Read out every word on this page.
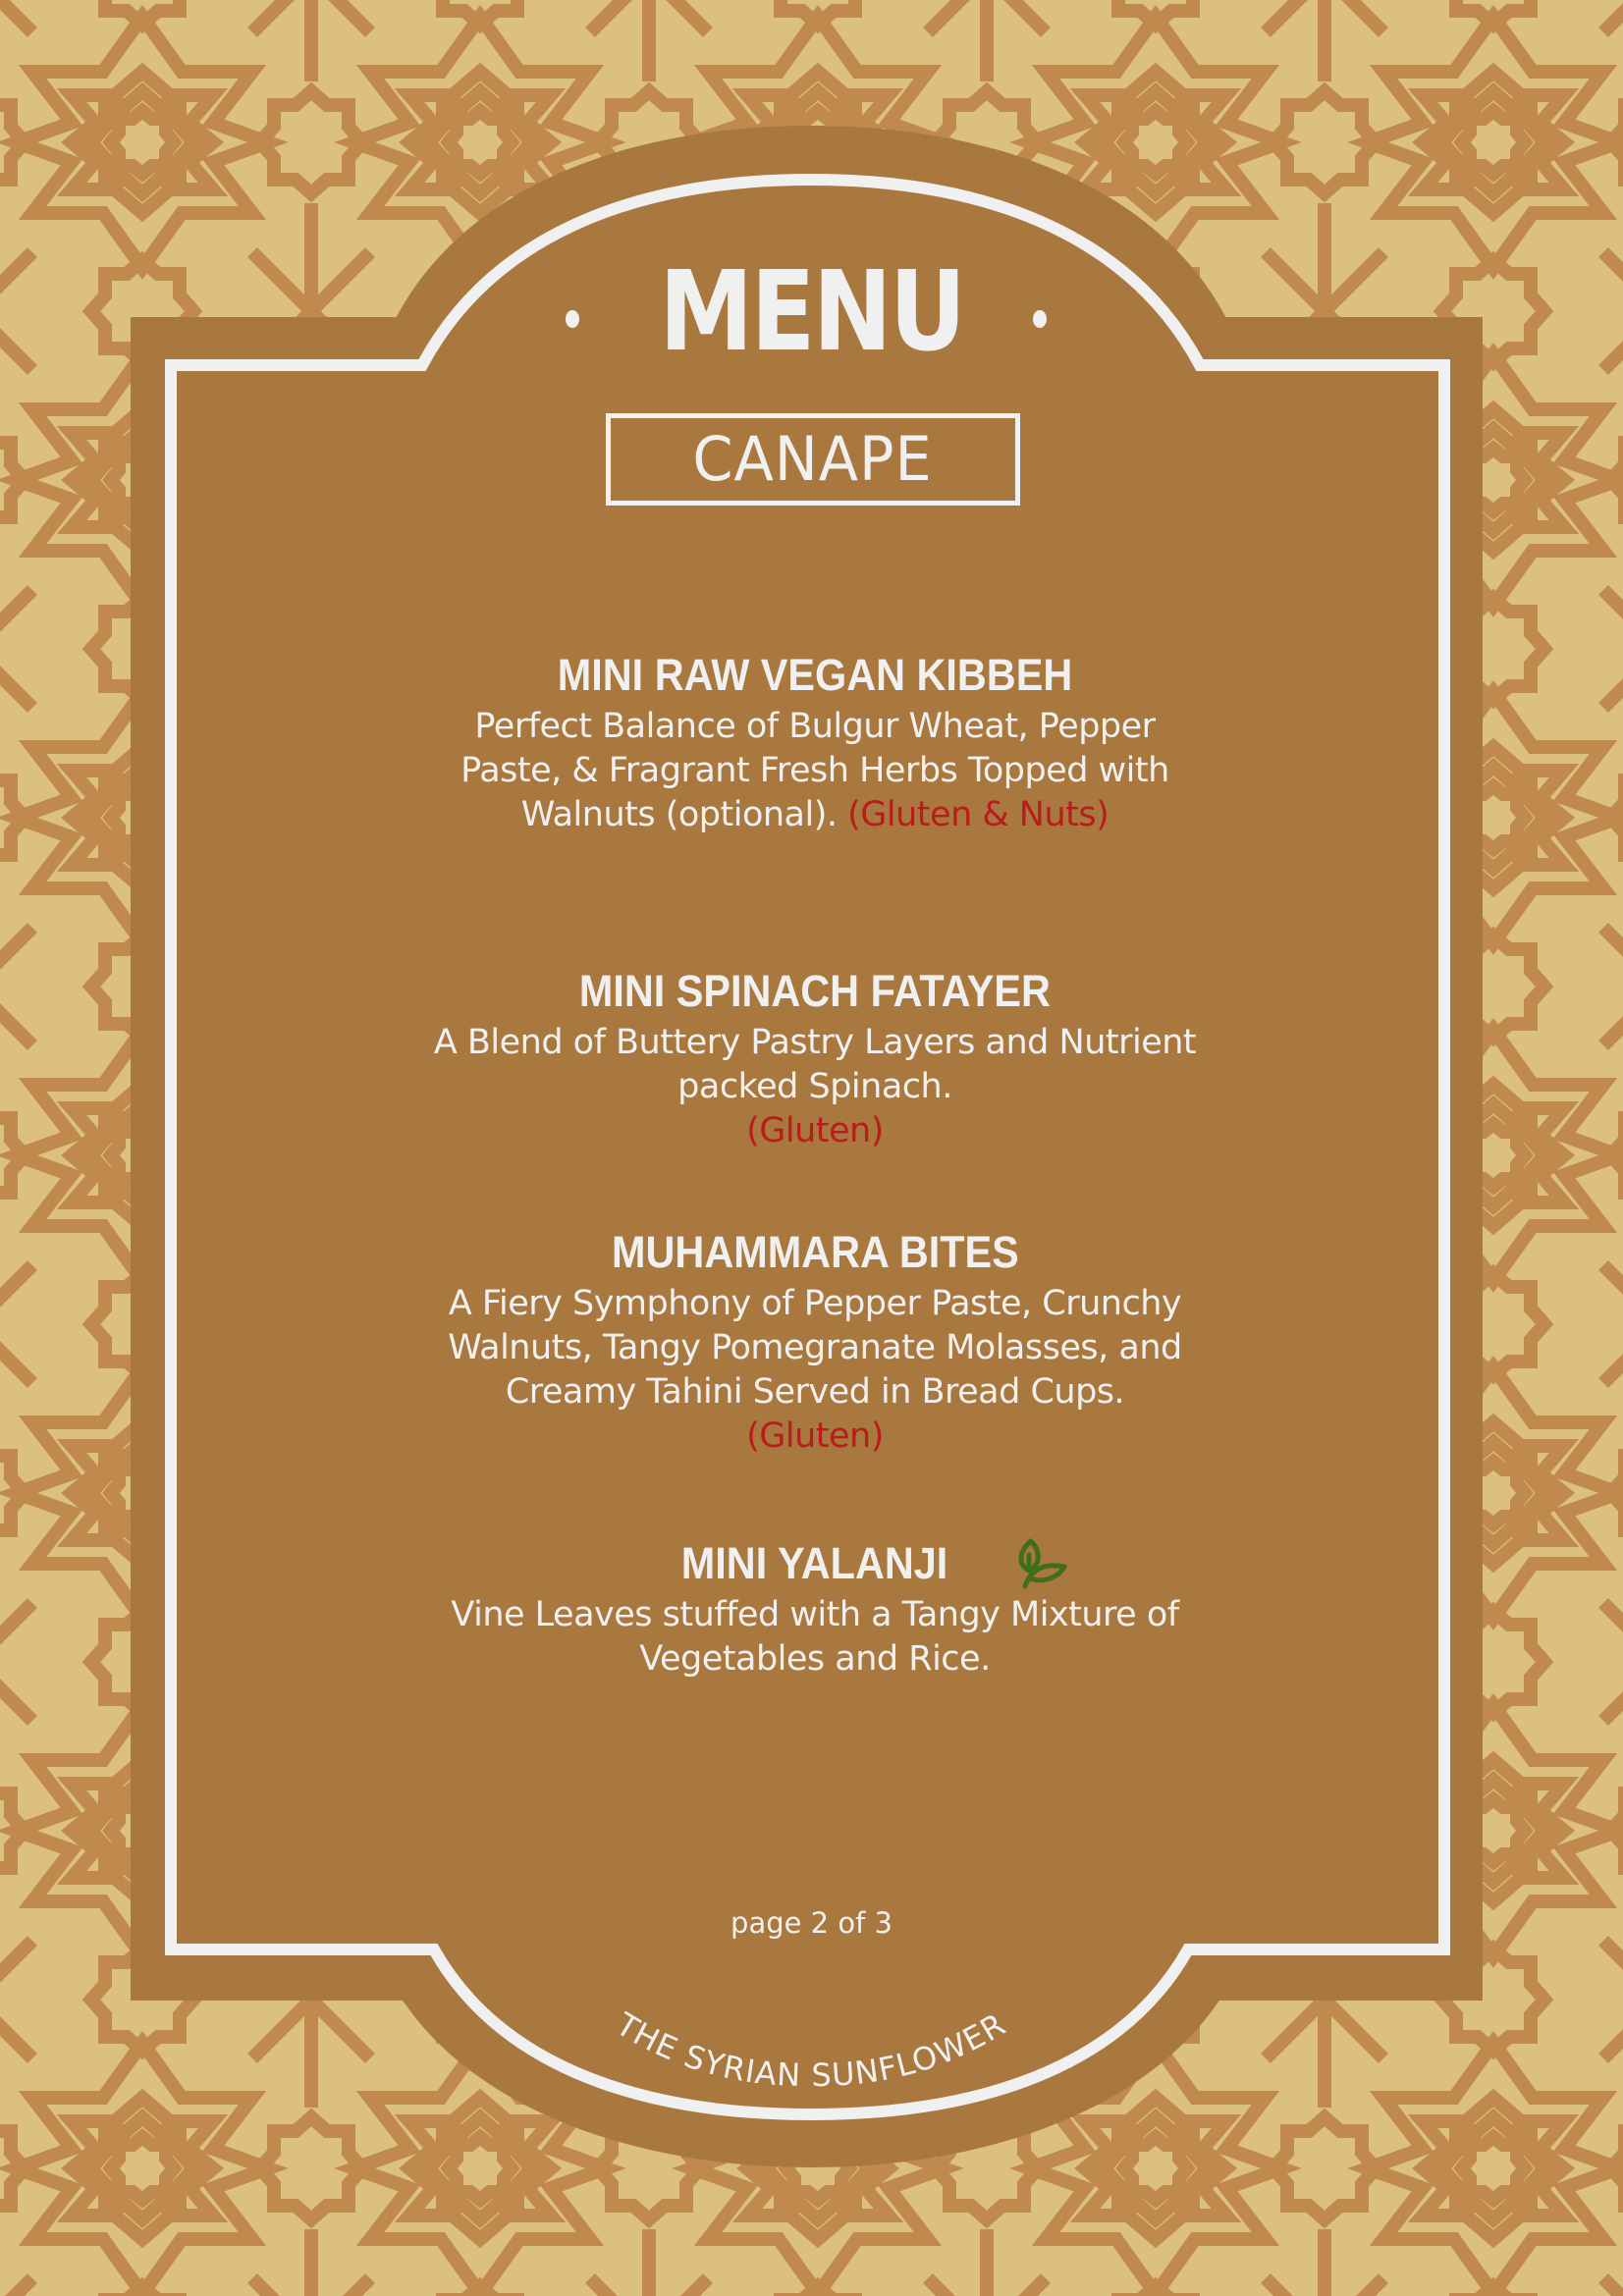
THE SYRIAN SUNFLOWER
MENU
CANAPE
MINI RAW VEGAN KIBBEH
Perfect Balance of Bulgur Wheat, Pepper
Paste, & Fragrant Fresh Herbs Topped with
Walnuts (optional). (Gluten & Nuts)
MINI SPINACH FATAYER
A Blend of Buttery Pastry Layers and Nutrient
packed Spinach.
(Gluten)
MUHAMMARA BITES
A Fiery Symphony of Pepper Paste, Crunchy
Walnuts, Tangy Pomegranate Molasses, and
Creamy Tahini Served in Bread Cups.
(Gluten)
MINI YALANJI
Vine Leaves stuffed with a Tangy Mixture of
Vegetables and Rice.
page 2 of 3
